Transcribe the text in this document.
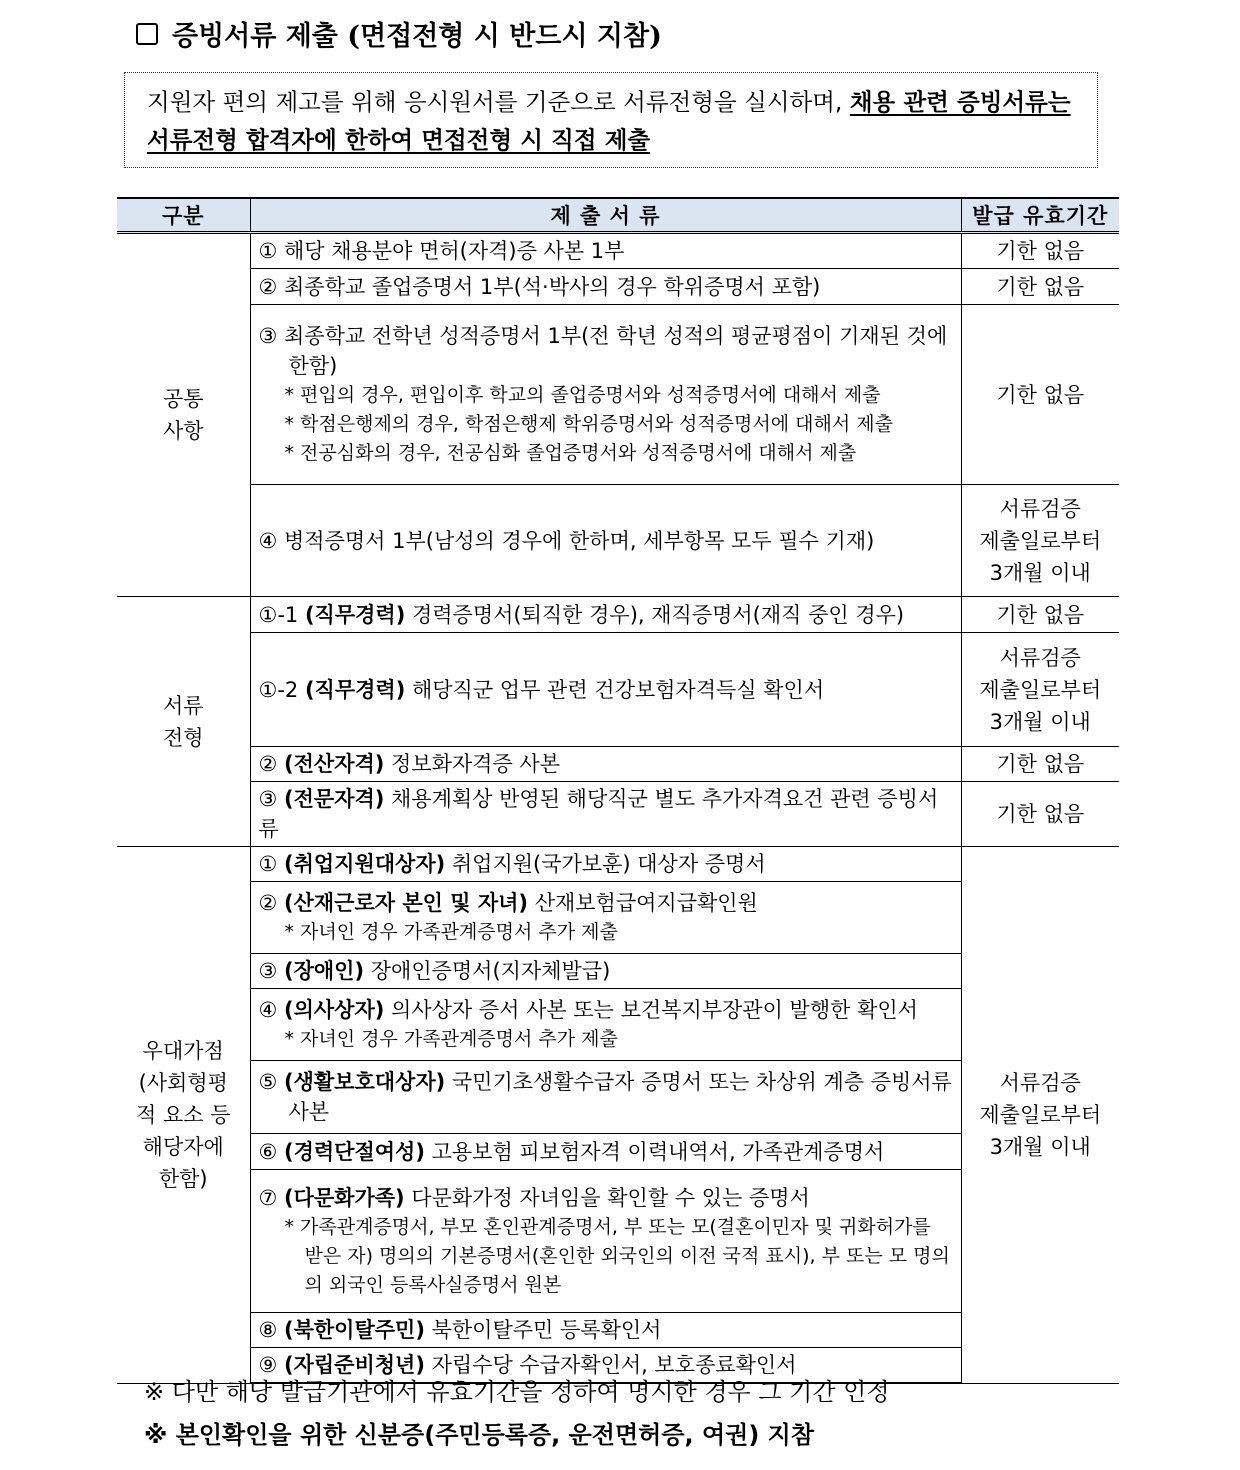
증빙서류 제출 (면접전형 시 반드시 지참)
지원자 편의 제고를 위해 응시원서를 기준으로 서류전형을 실시하며, 채용 관련 증빙서류는 서류전형 합격자에 한하여 면접전형 시 직접 제출
구분	제 출 서 류	발급 유효기간

공통
사항	① 해당 채용분야 면허(자격)증 사본 1부	기한 없음
	② 최종학교 졸업증명서 1부(석·박사의 경우 학위증명서 포함)	기한 없음

	③ 최종학교 전학년 성적증명서 1부(전 학년 성적의 평균평점이 기재된 것에 한함)
* 편입의 경우, 편입이후 학교의 졸업증명서와 성적증명서에 대해서 제출
* 학점은행제의 경우, 학점은행제 학위증명서와 성적증명서에 대해서 제출
* 전공심화의 경우, 전공심화 졸업증명서와 성적증명서에 대해서 제출	기한 없음
	④ 병적증명서 1부(남성의 경우에 한하며, 세부항목 모두 필수 기재)	서류검증
제출일로부터
3개월 이내

서류
전형	①-1 (직무경력) 경력증명서(퇴직한 경우), 재직증명서(재직 중인 경우)	기한 없음
	①-2 (직무경력) 해당직군 업무 관련 건강보험자격득실 확인서	서류검증
제출일로부터
3개월 이내

	② (전산자격) 정보화자격증 사본	기한 없음
	③ (전문자격) 채용계획상 반영된 해당직군 별도 추가자격요건 관련 증빙서류	기한 없음

우대가점
(사회형평
적 요소 등
해당자에
한함)	① (취업지원대상자) 취업지원(국가보훈) 대상자 증명서	서류검증
제출일로부터
3개월 이내

	② (산재근로자 본인 및 자녀) 산재보험급여지급확인원
* 자녀인 경우 가족관계증명서 추가 제출	

	③ (장애인) 장애인증명서(지자체발급)	

	④ (의사상자) 의사상자 증서 사본 또는 보건복지부장관이 발행한 확인서
* 자녀인 경우 가족관계증명서 추가 제출	

	⑤ (생활보호대상자) 국민기초생활수급자 증명서 또는 차상위 계층 증빙서류 사본	

	⑥ (경력단절여성) 고용보험 피보험자격 이력내역서, 가족관계증명서	

	⑦ (다문화가족) 다문화가정 자녀임을 확인할 수 있는 증명서
* 가족관계증명서, 부모 혼인관계증명서, 부 또는 모(결혼이민자 및 귀화허가를 받은 자) 명의의 기본증명서(혼인한 외국인의 이전 국적 표시), 부 또는 모 명의의 외국인 등록사실증명서 원본	

	⑧ (북한이탈주민) 북한이탈주민 등록확인서	
	⑨ (자립준비청년) 자립수당 수급자확인서, 보호종료확인서	
※ 다만 해당 발급기관에서 유효기간을 정하여 명시한 경우 그 기간 인정
※ 본인확인을 위한 신분증(주민등록증, 운전면허증, 여권) 지참
